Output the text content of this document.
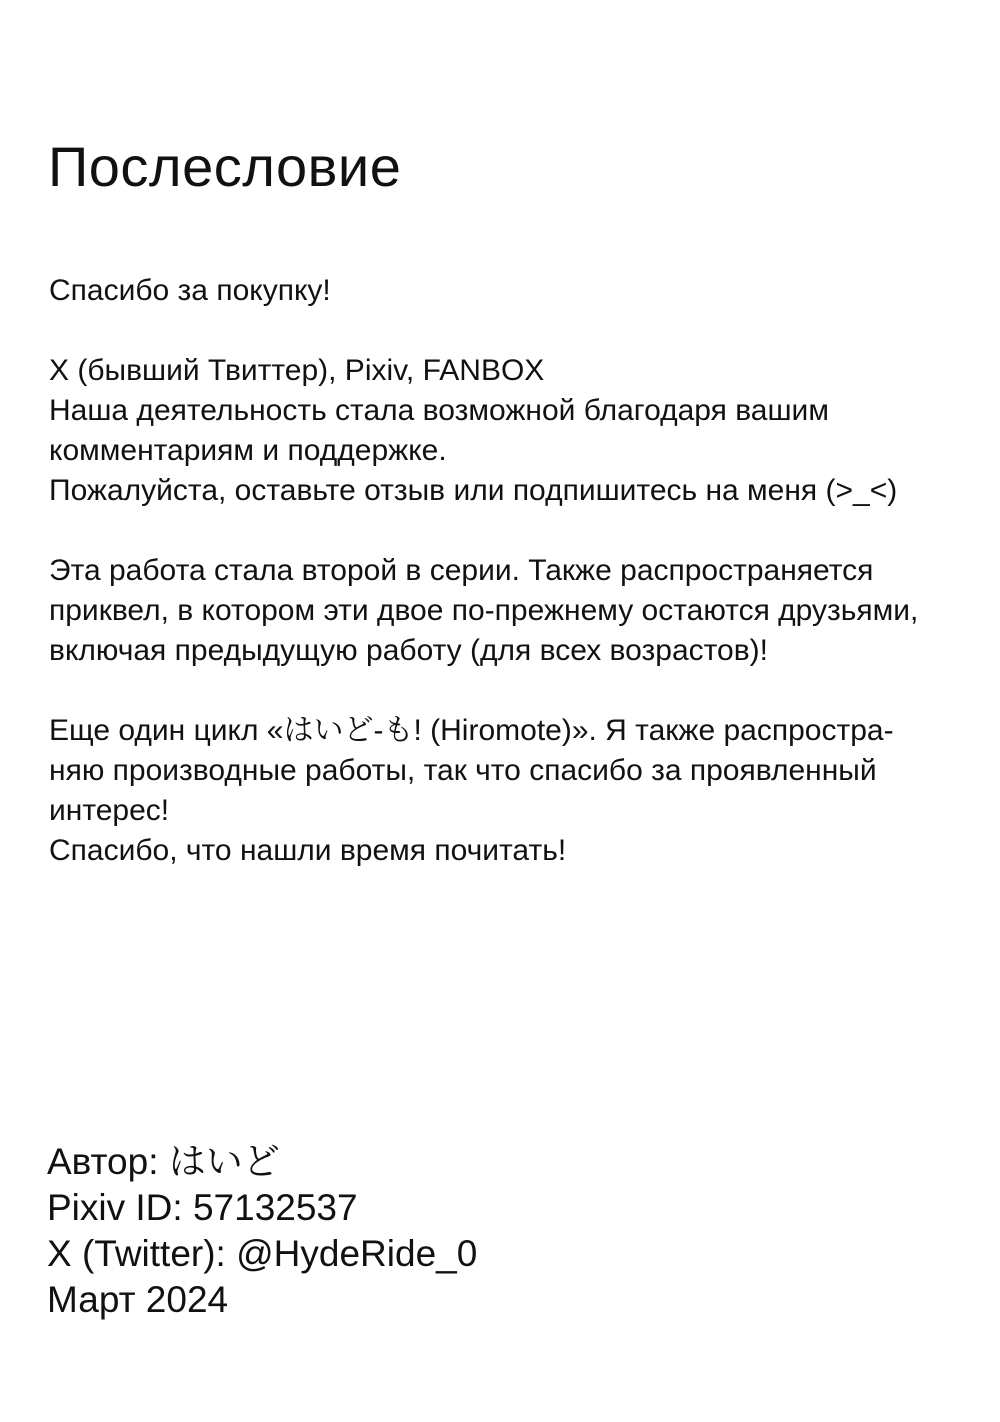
Послесловие
Спасибо за покупку!
X (бывший Твиттер), Pixiv, FANBOX
Наша деятельность стала возможной благодаря вашим
комментариям и поддержке.
Пожалуйста, оставьте отзыв или подпишитесь на меня (>_<)
Эта работа стала второй в серии. Также распространяется
приквел, в котором эти двое по-прежнему остаются друзьями,
включая предыдущую работу (для всех возрастов)!
Еще один цикл «はいど-も! (Hiromote)». Я также распростра-
няю производные работы, так что спасибо за проявленный
интерес!
Спасибо, что нашли время почитать!
Автор: はいど
Pixiv ID: 57132537
X (Twitter): @HydeRide_0
Март 2024
